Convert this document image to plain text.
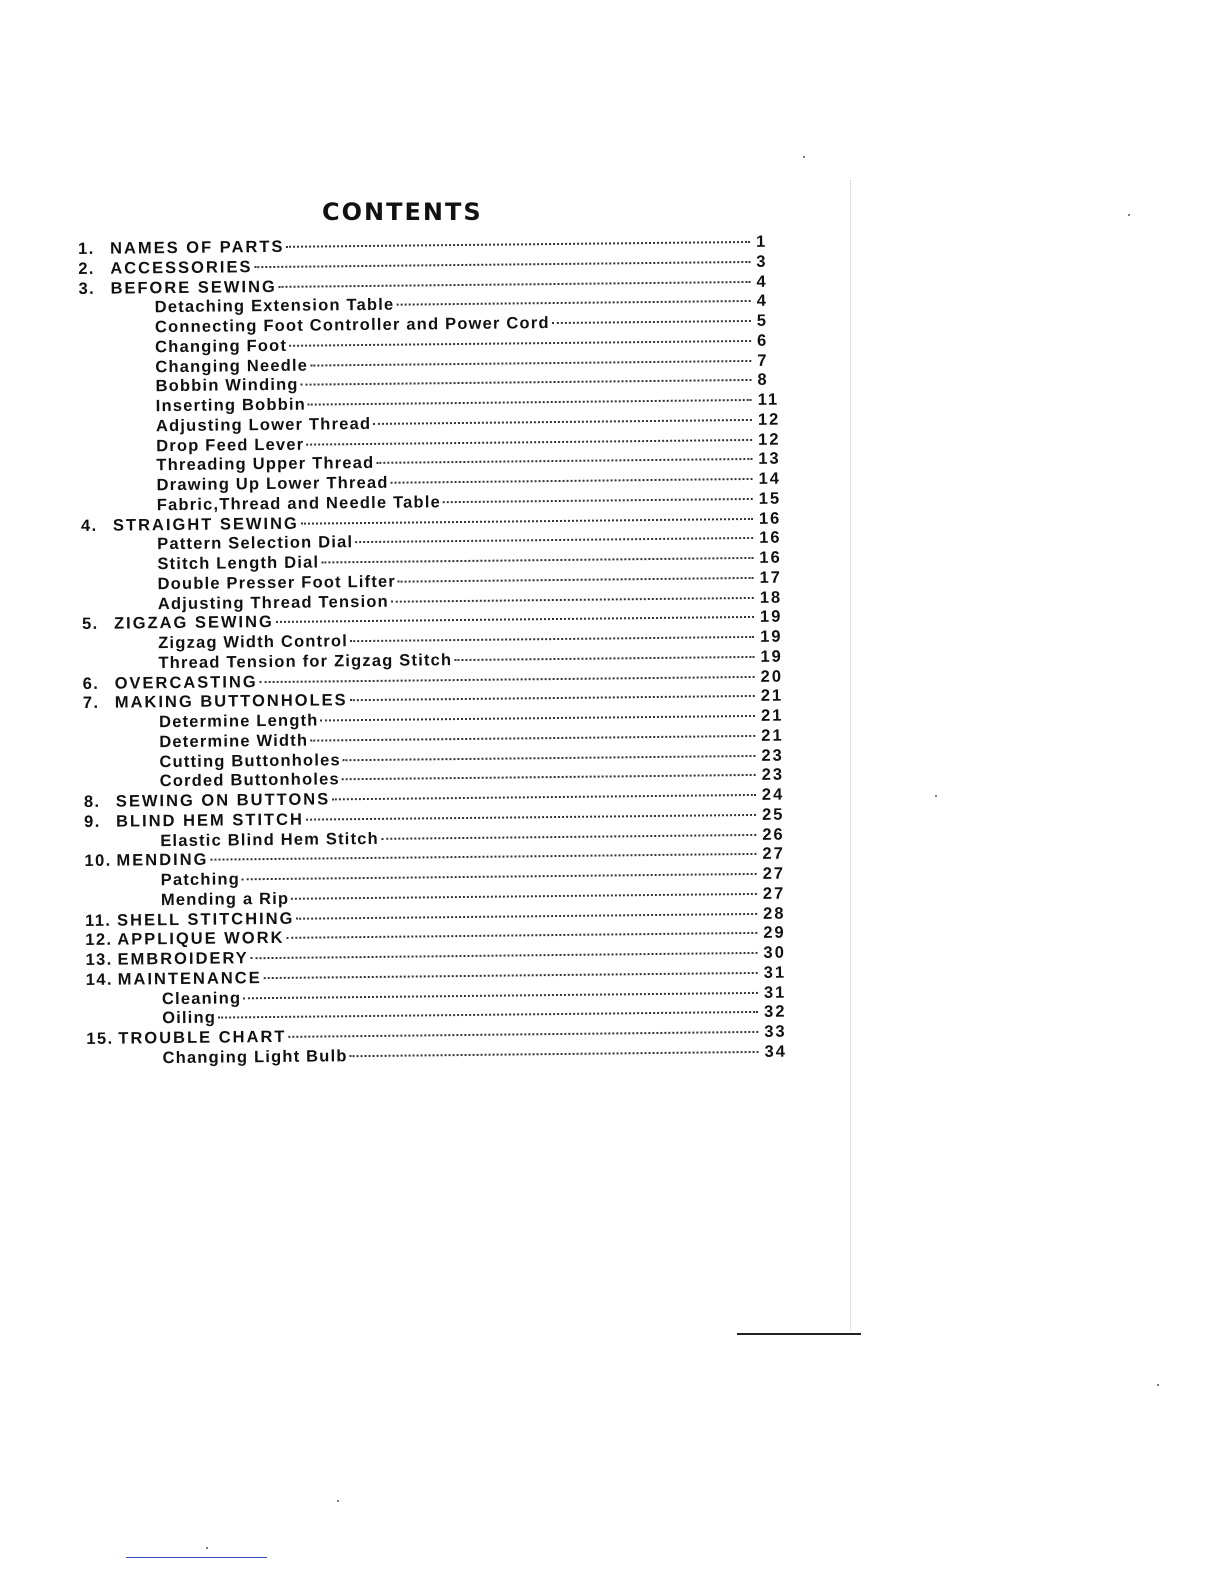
CONTENTS
1. NAMES OF PARTS	1
2. ACCESSORIES	3
3. BEFORE SEWING	4
Detaching Extension Table	4
Connecting Foot Controller and Power Cord	5
Changing Foot	6
Changing Needle	7
Bobbin Winding	8
Inserting Bobbin	11
Adjusting Lower Thread	12
Drop Feed Lever	12
Threading Upper Thread	13
Drawing Up Lower Thread	14
Fabric,Thread and Needle Table	15
4. STRAIGHT SEWING	16
Pattern Selection Dial	16
Stitch Length Dial	16
Double Presser Foot Lifter	17
Adjusting Thread Tension	18
5. ZIGZAG SEWING	19
Zigzag Width Control	19
Thread Tension for Zigzag Stitch	19
6. OVERCASTING	20
7. MAKING BUTTONHOLES	21
Determine Length	21
Determine Width	21
Cutting Buttonholes	23
Corded Buttonholes	23
8. SEWING ON BUTTONS	24
9. BLIND HEM STITCH	25
Elastic Blind Hem Stitch	26
10. MENDING	27
Patching	27
Mending a Rip	27
11. SHELL STITCHING	28
12. APPLIQUE WORK	29
13. EMBROIDERY	30
14. MAINTENANCE	31
Cleaning	31
Oiling	32
15. TROUBLE CHART	33
Changing Light Bulb	34
